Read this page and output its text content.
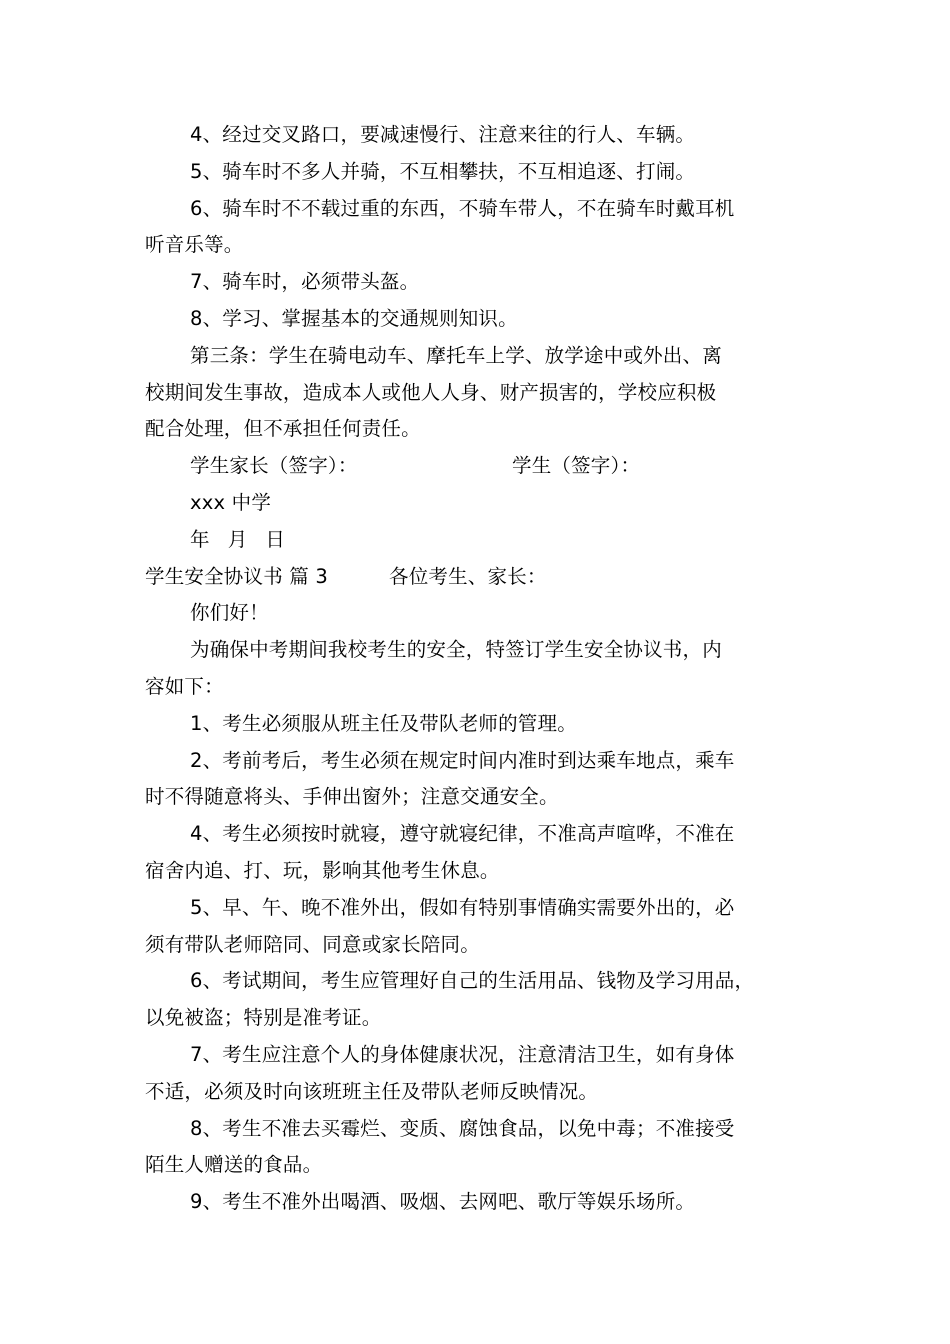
4、经过交叉路口，要减速慢行、注意来往的行人、车辆。

5、骑车时不多人并骑，不互相攀扶，不互相追逐、打闹。

6、骑车时不不载过重的东西，不骑车带人，不在骑车时戴耳机

听音乐等。

7、骑车时，必须带头盔。

8、学习、掌握基本的交通规则知识。

第三条：学生在骑电动车、摩托车上学、放学途中或外出、离

校期间发生事故，造成本人或他人人身、财产损害的，学校应积极

配合处理，但不承担任何责任。

学生家长（签字）：	学生（签字）：

xxx 中学

年 月 日

学生安全协议书 篇 3	各位考生、家长：

你们好！

为确保中考期间我校考生的安全，特签订学生安全协议书，内

容如下：

1、考生必须服从班主任及带队老师的管理。

2、考前考后，考生必须在规定时间内准时到达乘车地点，乘车

时不得随意将头、手伸出窗外；注意交通安全。

4、考生必须按时就寝，遵守就寝纪律，不准高声喧哗，不准在

宿舍内追、打、玩，影响其他考生休息。

5、早、午、晚不准外出，假如有特别事情确实需要外出的，必

须有带队老师陪同、同意或家长陪同。

6、考试期间，考生应管理好自己的生活用品、钱物及学习用品，

以免被盗；特别是准考证。

7、考生应注意个人的身体健康状况，注意清洁卫生，如有身体

不适，必须及时向该班班主任及带队老师反映情况。

8、考生不准去买霉烂、变质、腐蚀食品，以免中毒；不准接受

陌生人赠送的食品。

9、考生不准外出喝酒、吸烟、去网吧、歌厅等娱乐场所。
